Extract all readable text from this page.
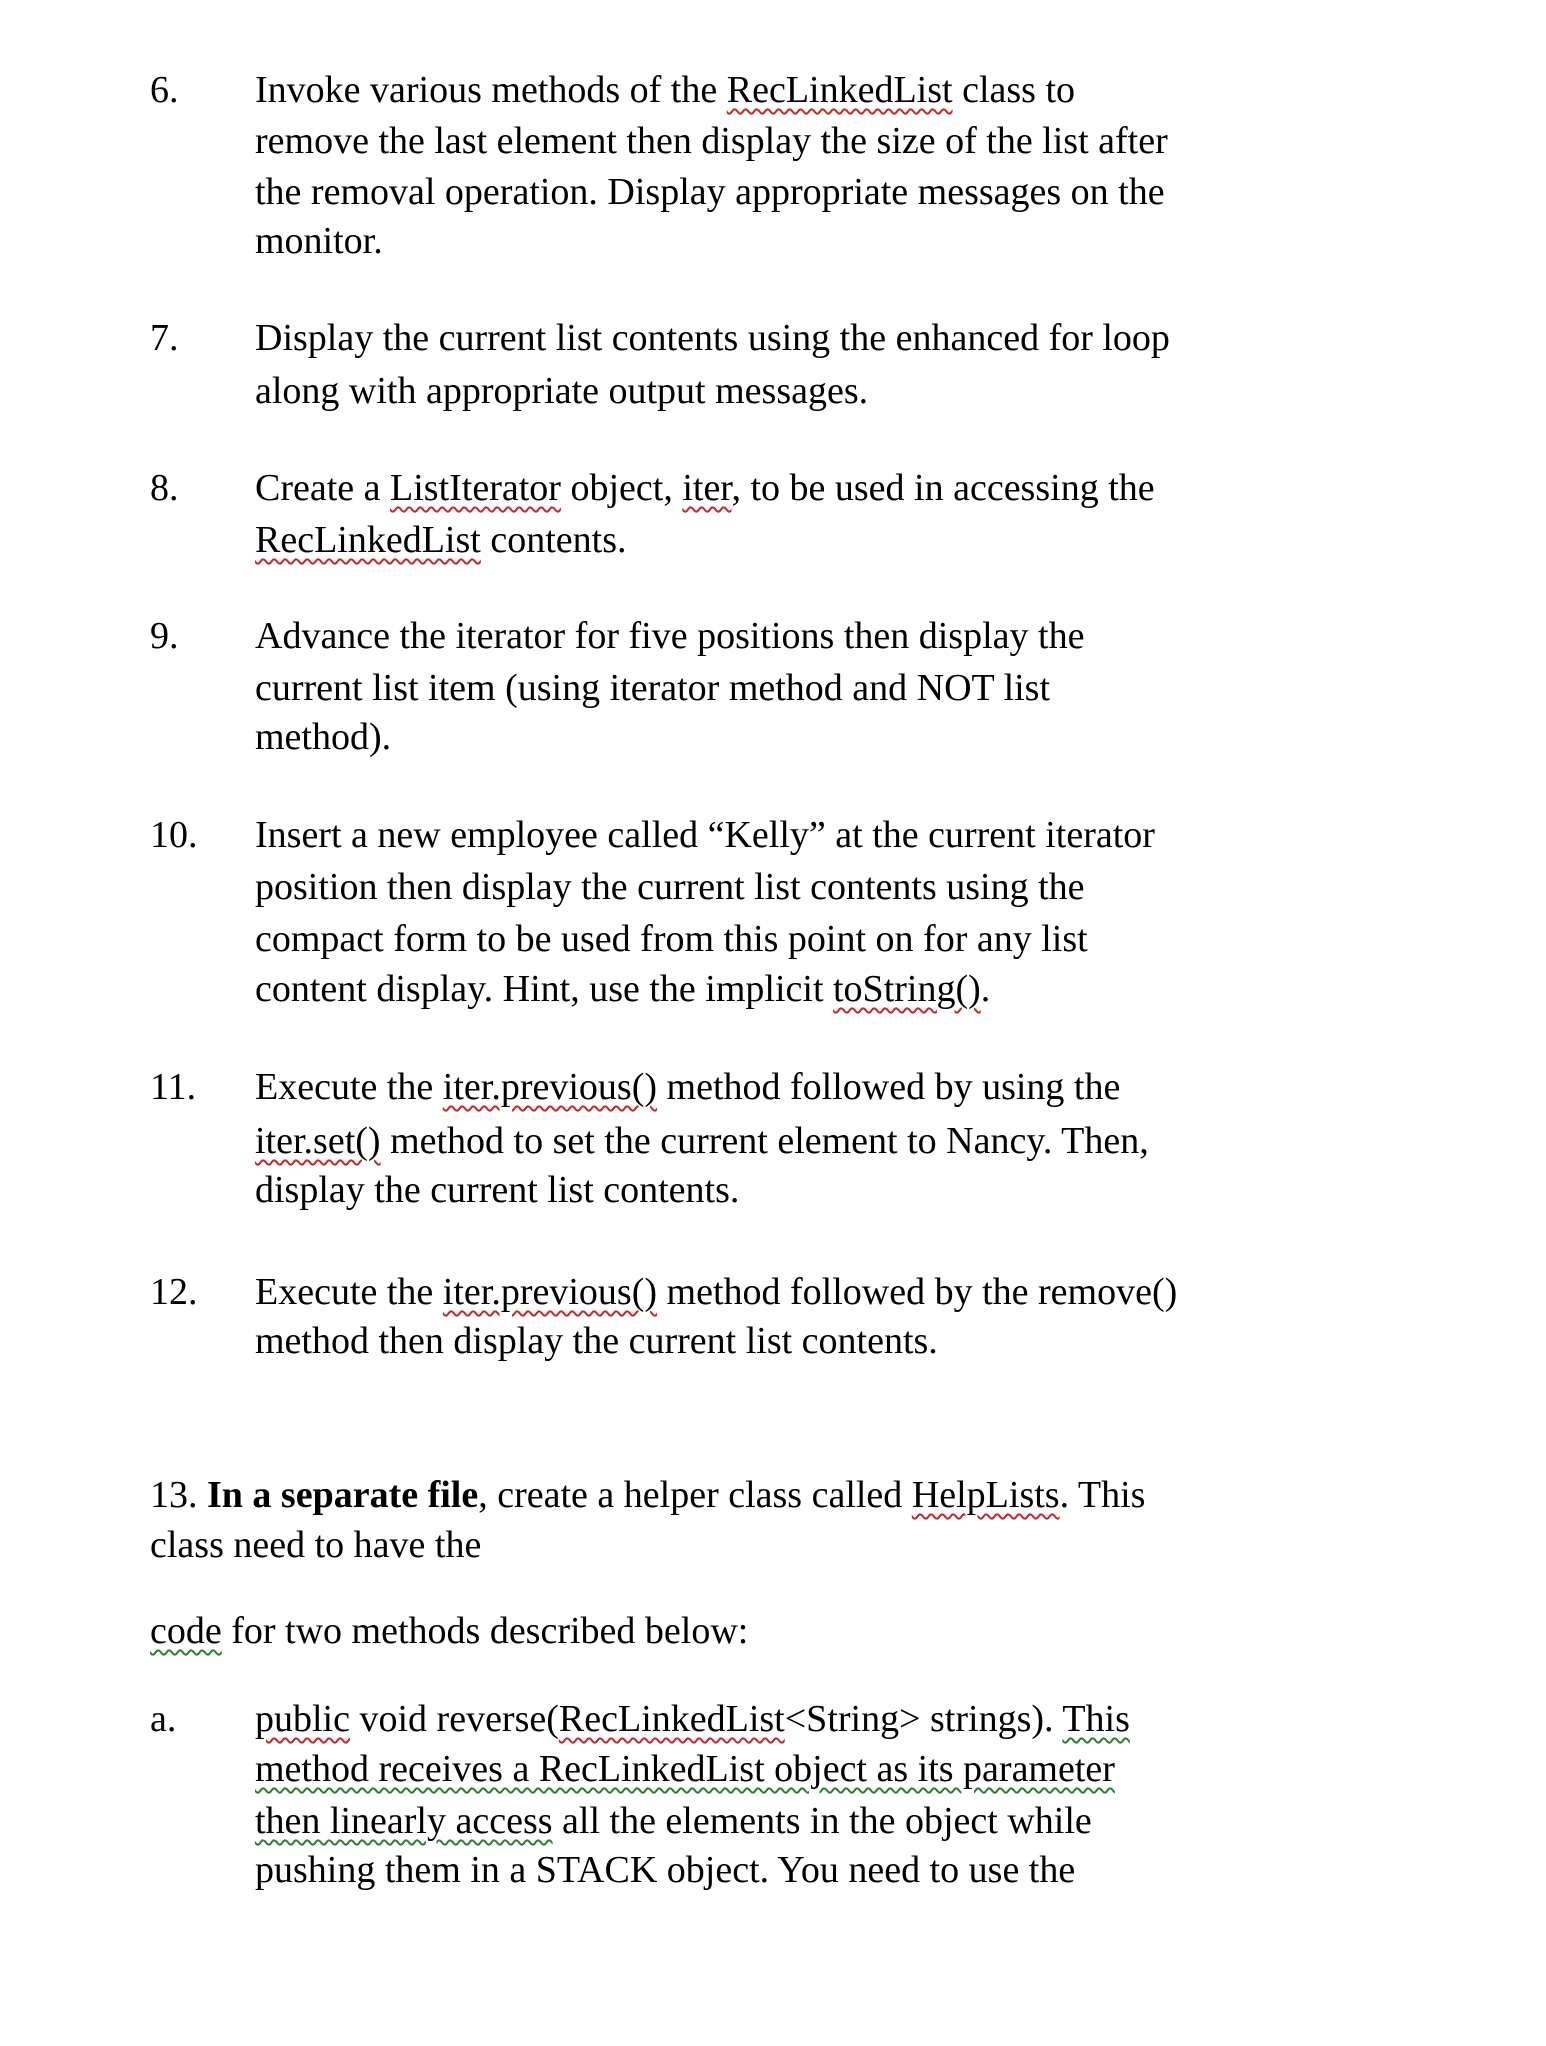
6. Invoke various methods of the RecLinkedList class to
remove the last element then display the size of the list after
the removal operation. Display appropriate messages on the
monitor.
7. Display the current list contents using the enhanced for loop
along with appropriate output messages.
8. Create a ListIterator object, iter, to be used in accessing the
RecLinkedList contents.
9. Advance the iterator for five positions then display the
current list item (using iterator method and NOT list
method).
10. Insert a new employee called “Kelly” at the current iterator
position then display the current list contents using the
compact form to be used from this point on for any list
content display. Hint, use the implicit toString().
11. Execute the iter.previous() method followed by using the
iter.set() method to set the current element to Nancy. Then,
display the current list contents.
12. Execute the iter.previous() method followed by the remove()
method then display the current list contents.
13. In a separate file, create a helper class called HelpLists. This
class need to have the
code for two methods described below:
a. public void reverse(RecLinkedList<String> strings). This
method receives a RecLinkedList object as its parameter
then linearly access all the elements in the object while
pushing them in a STACK object. You need to use the
